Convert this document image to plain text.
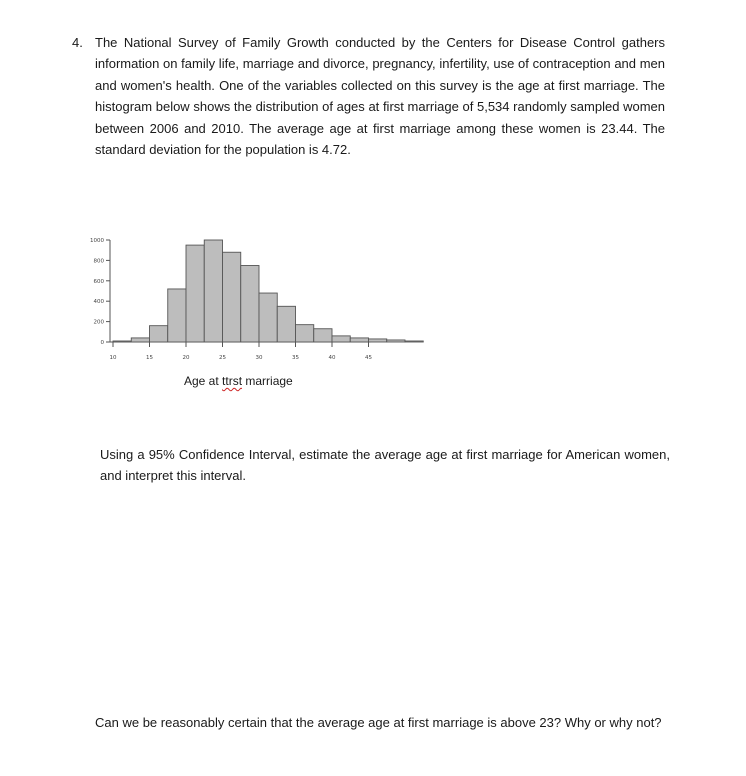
4. The National Survey of Family Growth conducted by the Centers for Disease Control gathers information on family life, marriage and divorce, pregnancy, infertility, use of contraception and men and women's health. One of the variables collected on this survey is the age at first marriage. The histogram below shows the distribution of ages at first marriage of 5,534 randomly sampled women between 2006 and 2010. The average age at first marriage among these women is 23.44. The standard deviation for the population is 4.72.

0
200
400
600
800
1000
10	15	20	25	30	35	40	45
Age at ttrst marriage

Using a 95% Confidence Interval, estimate the average age at first marriage for American women, and interpret this interval.

Can we be reasonably certain that the average age at first marriage is above 23? Why or why not?
